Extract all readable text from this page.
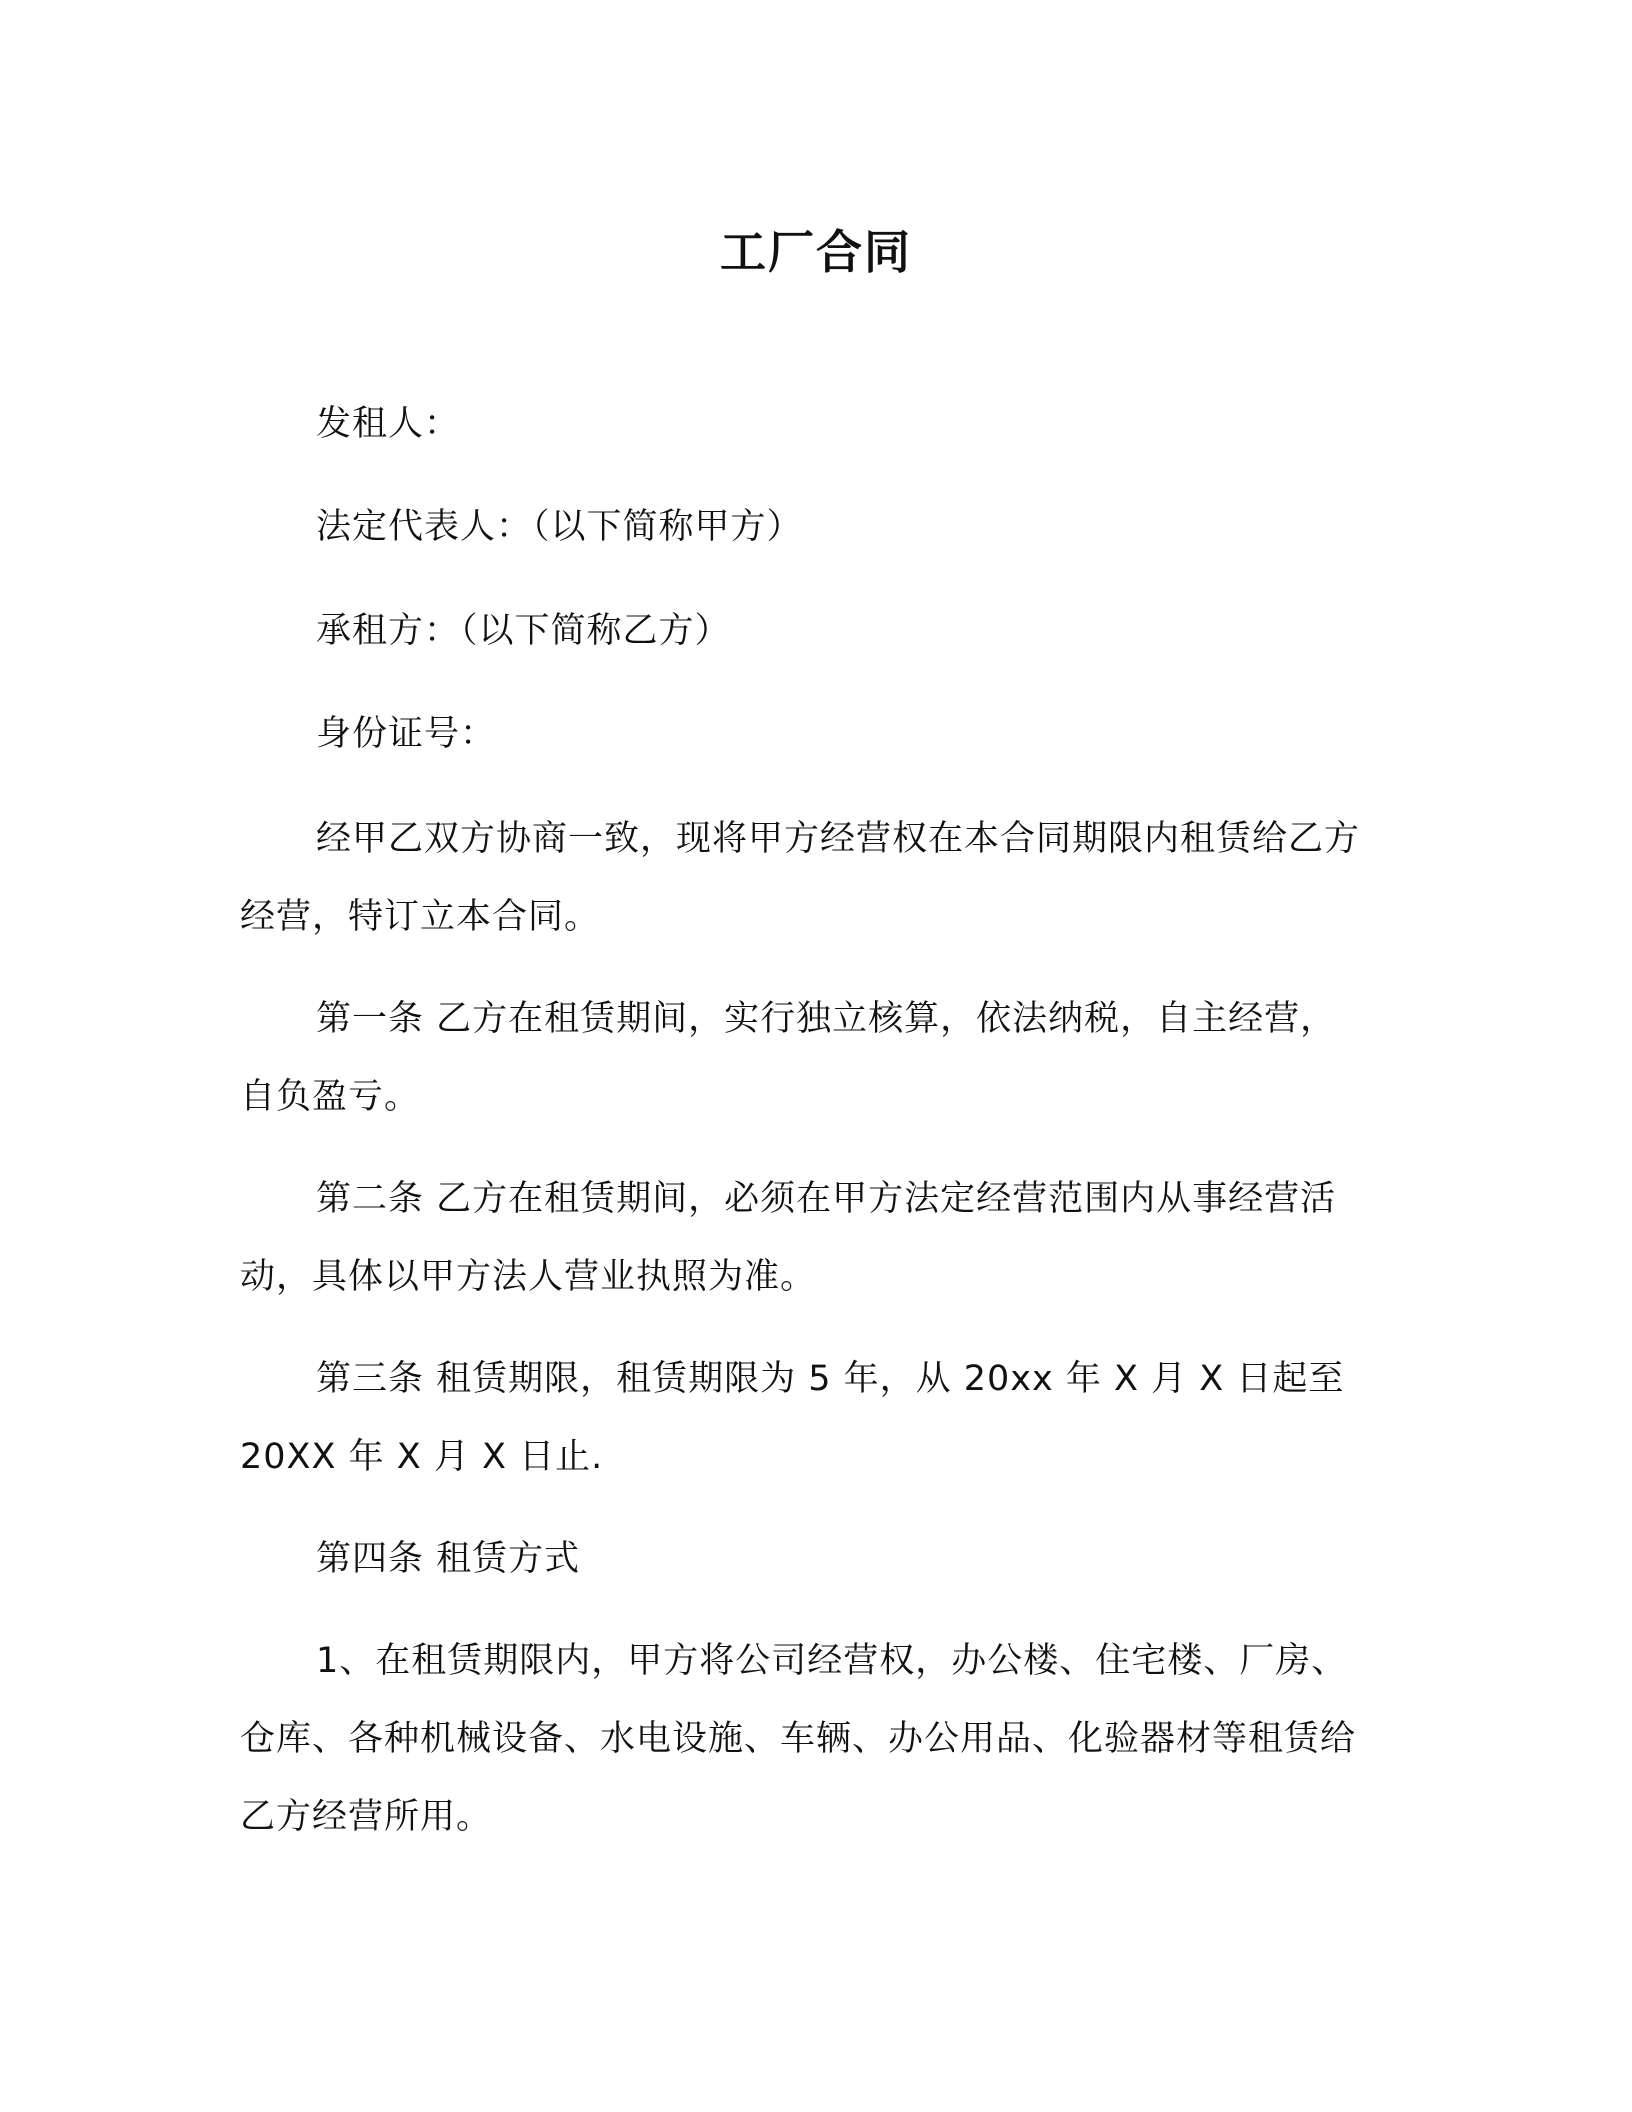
工厂合同

发租人：

法定代表人：（以下简称甲方）

承租方：（以下简称乙方）

身份证号：

经甲乙双方协商一致，现将甲方经营权在本合同期限内租赁给乙方经营，特订立本合同。

第一条 乙方在租赁期间，实行独立核算，依法纳税，自主经营，自负盈亏。

第二条 乙方在租赁期间，必须在甲方法定经营范围内从事经营活动，具体以甲方法人营业执照为准。

第三条 租赁期限，租赁期限为 5 年，从 20xx 年 X 月 X 日起至 20XX 年 X 月 X 日止.

第四条 租赁方式

1、在租赁期限内，甲方将公司经营权，办公楼、住宅楼、厂房、仓库、各种机械设备、水电设施、车辆、办公用品、化验器材等租赁给乙方经营所用。
